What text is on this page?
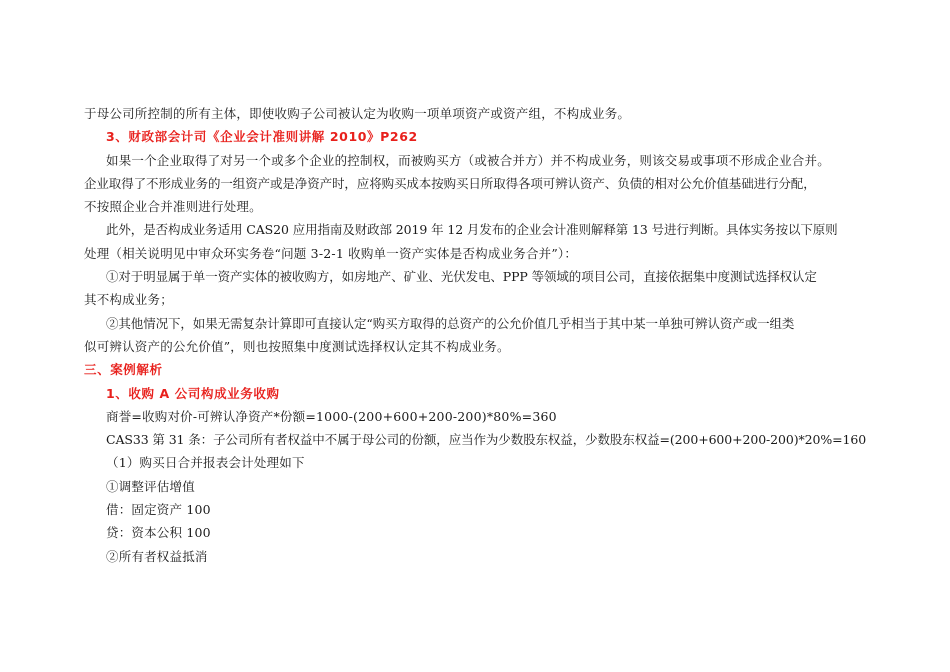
于母公司所控制的所有主体，即使收购子公司被认定为收购一项单项资产或资产组，不构成业务。
3、财政部会计司《企业会计准则讲解 2010》P262
如果一个企业取得了对另一个或多个企业的控制权，而被购买方（或被合并方）并不构成业务，则该交易或事项不形成企业合并。
企业取得了不形成业务的一组资产或是净资产时，应将购买成本按购买日所取得各项可辨认资产、负债的相对公允价值基础进行分配，
不按照企业合并准则进行处理。
此外，是否构成业务适用 CAS20 应用指南及财政部 2019 年 12 月发布的企业会计准则解释第 13 号进行判断。具体实务按以下原则
处理（相关说明见中审众环实务卷“问题 3-2-1 收购单一资产实体是否构成业务合并”）：
①对于明显属于单一资产实体的被收购方，如房地产、矿业、光伏发电、PPP 等领域的项目公司，直接依据集中度测试选择权认定
其不构成业务；
②其他情况下，如果无需复杂计算即可直接认定“购买方取得的总资产的公允价值几乎相当于其中某一单独可辨认资产或一组类
似可辨认资产的公允价值”，则也按照集中度测试选择权认定其不构成业务。
三、案例解析
1、收购 A 公司构成业务收购
商誉=收购对价-可辨认净资产*份额=1000-(200+600+200-200)*80%=360
CAS33 第 31 条：子公司所有者权益中不属于母公司的份额，应当作为少数股东权益，少数股东权益=(200+600+200-200)*20%=160
（1）购买日合并报表会计处理如下
①调整评估增值
借：固定资产 100
贷：资本公积 100
②所有者权益抵消
